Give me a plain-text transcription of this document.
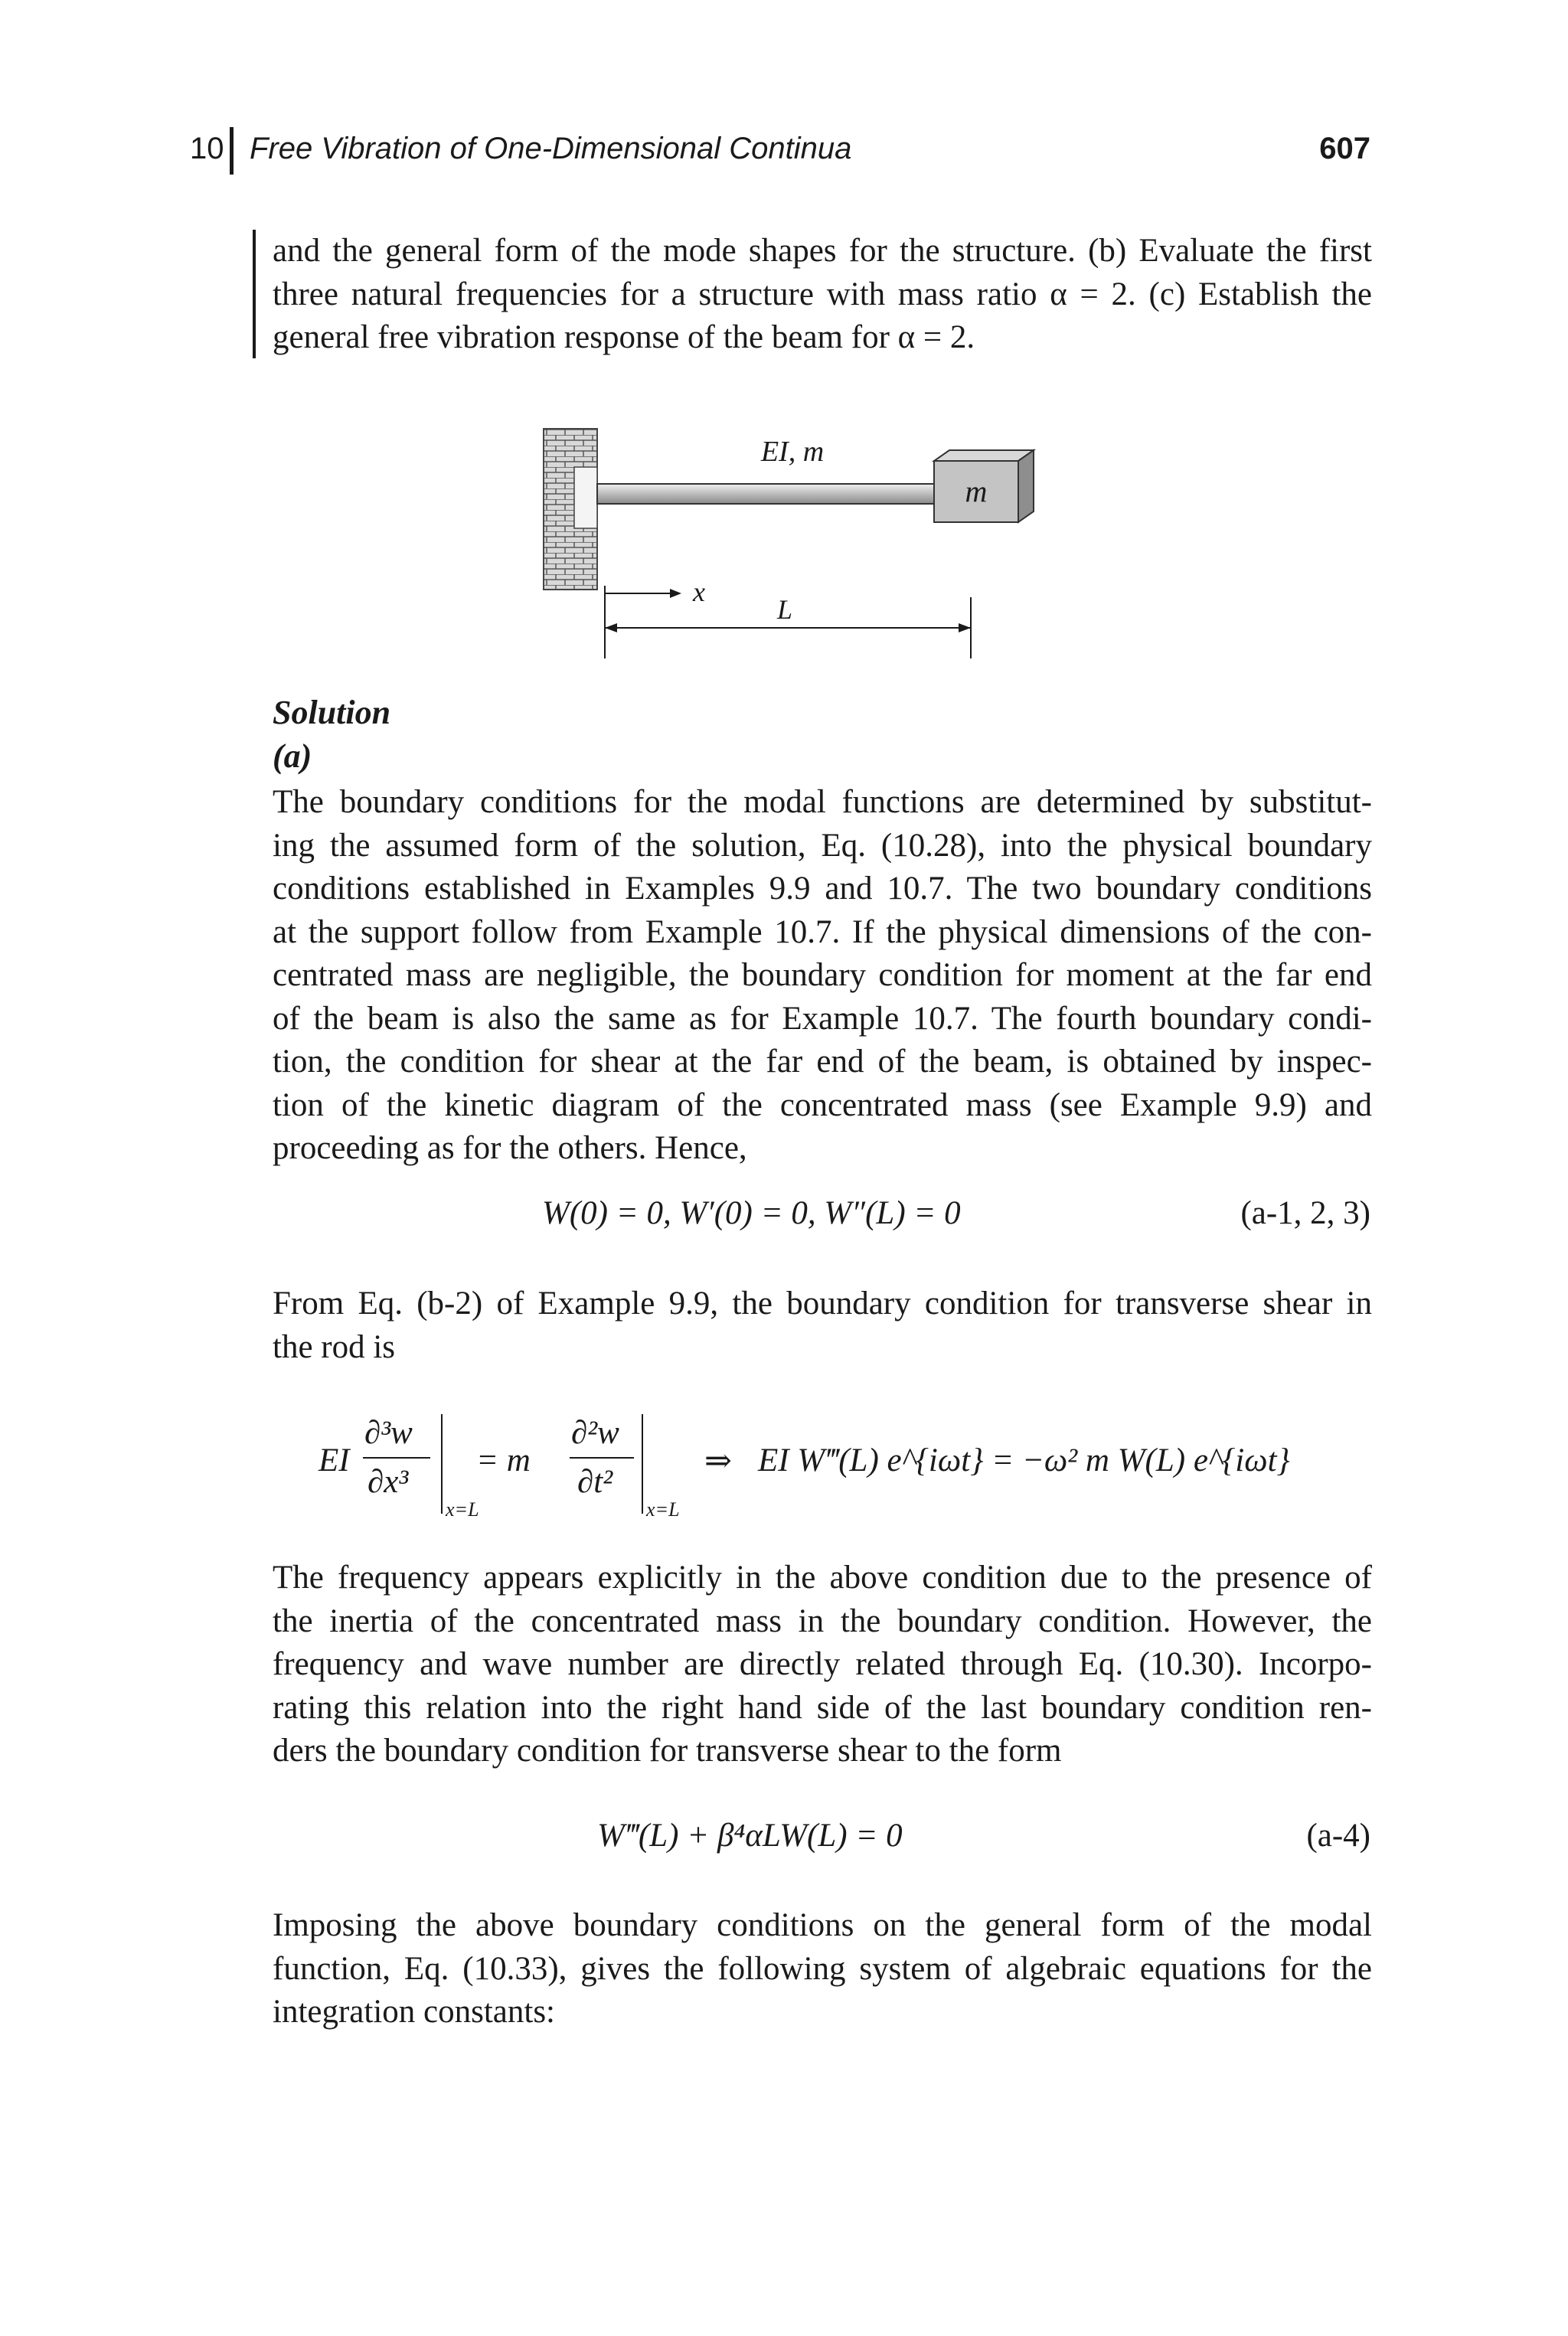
10 Free Vibration of One-Dimensional Continua	607
and the general form of the mode shapes for the structure. (b) Evaluate the first
three natural frequencies for a structure with mass ratio α = 2. (c) Establish the
general free vibration response of the beam for α = 2.
m
EI, m
x
L
Solution
(a)
The boundary conditions for the modal functions are determined by substitut-
ing the assumed form of the solution, Eq. (10.28), into the physical boundary
conditions established in Examples 9.9 and 10.7. The two boundary conditions
at the support follow from Example 10.7. If the physical dimensions of the con-
centrated mass are negligible, the boundary condition for moment at the far end
of the beam is also the same as for Example 10.7. The fourth boundary condi-
tion, the condition for shear at the far end of the beam, is obtained by inspec-
tion of the kinetic diagram of the concentrated mass (see Example 9.9) and
proceeding as for the others. Hence,
W(0) = 0, W′(0) = 0, W″(L) = 0	(a-1, 2, 3)
From Eq. (b-2) of Example 9.9, the boundary condition for transverse shear in
the rod is
EI
∂³w
∂x³
x=L
= m
∂²w
∂t²
x=L
⇒ EI W‴(L) e^{iωt} = −ω² m W(L) e^{iωt}
The frequency appears explicitly in the above condition due to the presence of
the inertia of the concentrated mass in the boundary condition. However, the
frequency and wave number are directly related through Eq. (10.30). Incorpo-
rating this relation into the right hand side of the last boundary condition ren-
ders the boundary condition for transverse shear to the form
W‴(L) + β⁴αLW(L) = 0	(a-4)
Imposing the above boundary conditions on the general form of the modal
function, Eq. (10.33), gives the following system of algebraic equations for the
integration constants:
